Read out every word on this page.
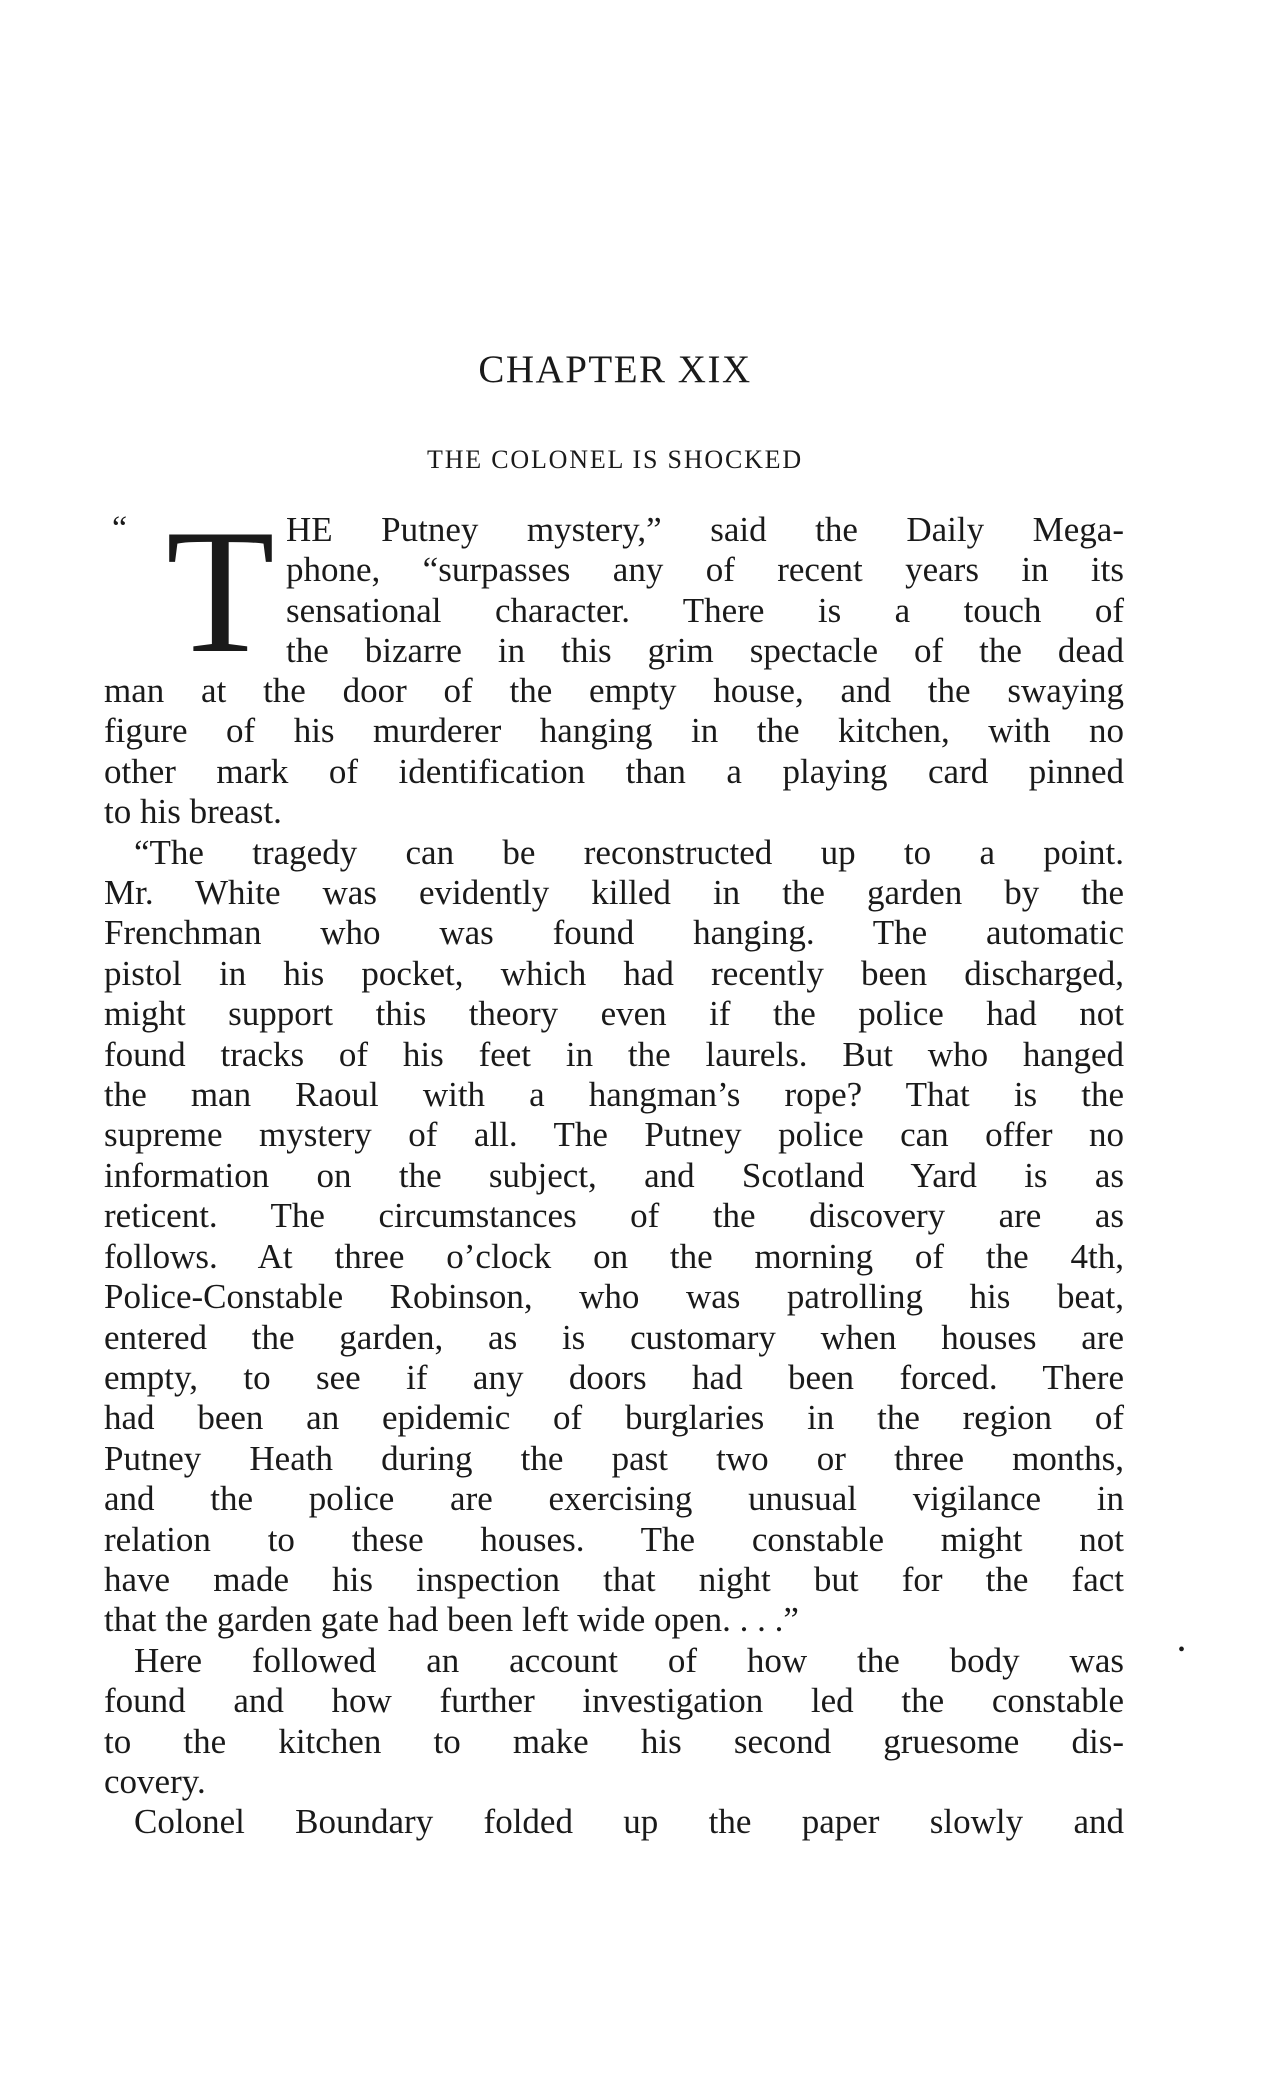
CHAPTER XIX
THE COLONEL IS SHOCKED
“ T HE Putney mystery,” said the Daily Mega-
phone, “surpasses any of recent years in its
sensational character. There is a touch of
the bizarre in this grim spectacle of the dead
man at the door of the empty house, and the swaying
figure of his murderer hanging in the kitchen, with no
other mark of identification than a playing card pinned
to his breast.
“The tragedy can be reconstructed up to a point.
Mr. White was evidently killed in the garden by the
Frenchman who was found hanging. The automatic
pistol in his pocket, which had recently been discharged,
might support this theory even if the police had not
found tracks of his feet in the laurels. But who hanged
the man Raoul with a hangman’s rope? That is the
supreme mystery of all. The Putney police can offer no
information on the subject, and Scotland Yard is as
reticent. The circumstances of the discovery are as
follows. At three o’clock on the morning of the 4th,
Police-Constable Robinson, who was patrolling his beat,
entered the garden, as is customary when houses are
empty, to see if any doors had been forced. There
had been an epidemic of burglaries in the region of
Putney Heath during the past two or three months,
and the police are exercising unusual vigilance in
relation to these houses. The constable might not
have made his inspection that night but for the fact
that the garden gate had been left wide open. . . .”
Here followed an account of how the body was
found and how further investigation led the constable
to the kitchen to make his second gruesome dis-
covery.
Colonel Boundary folded up the paper slowly and
•
